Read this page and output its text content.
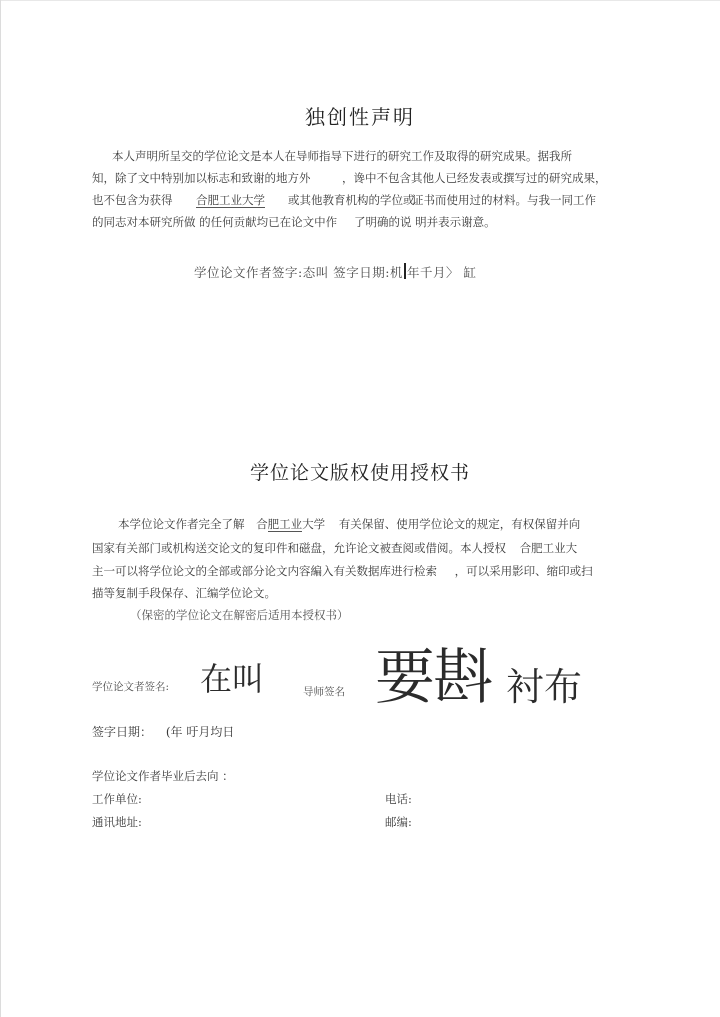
独创性声明
本人声明所呈交的学位论文是本人在导师指导下进行的研究工作及取得的研究成果。据我所
知，除了文中特别加以标志和致谢的地方外	，谗中不包含其他人已经发表或撰写过的研究成果，
也不包含为获得 合肥工业大学 或其他教育机构的学位或
证书而使用过的材料。与我一同工作
的同志对本研究所做 的任何贡献均已在论文中作 了明确的说 明并表示谢意。
学位论文作者签字:态叫 签字日期:机 年千月〉 缸
学位论文版权使用授权书
本学位论文作者完全了解 合肥工业大学 有关保留、使用学位论文的规定，有权保留并向
国家有关部门或机构送交论文的复印件和磁盘，允许论文被查阅或借阅。本人授权 合肥工业大
主一可以将学位论文的全部或部分论文内容編入有关数据库进行检索 ，可以采用影印、缩印或扫
描等复制手段保存、汇编学位论文。
（保密的学位论文在解密后适用本授权书）
学位论文者签名: 在叫	导师签名 要斟 衬布
签字日期： (年 吁月均日
学位论文作者毕业后去向 ：
工作单位:	电话:
通讯地址:	邮编:
